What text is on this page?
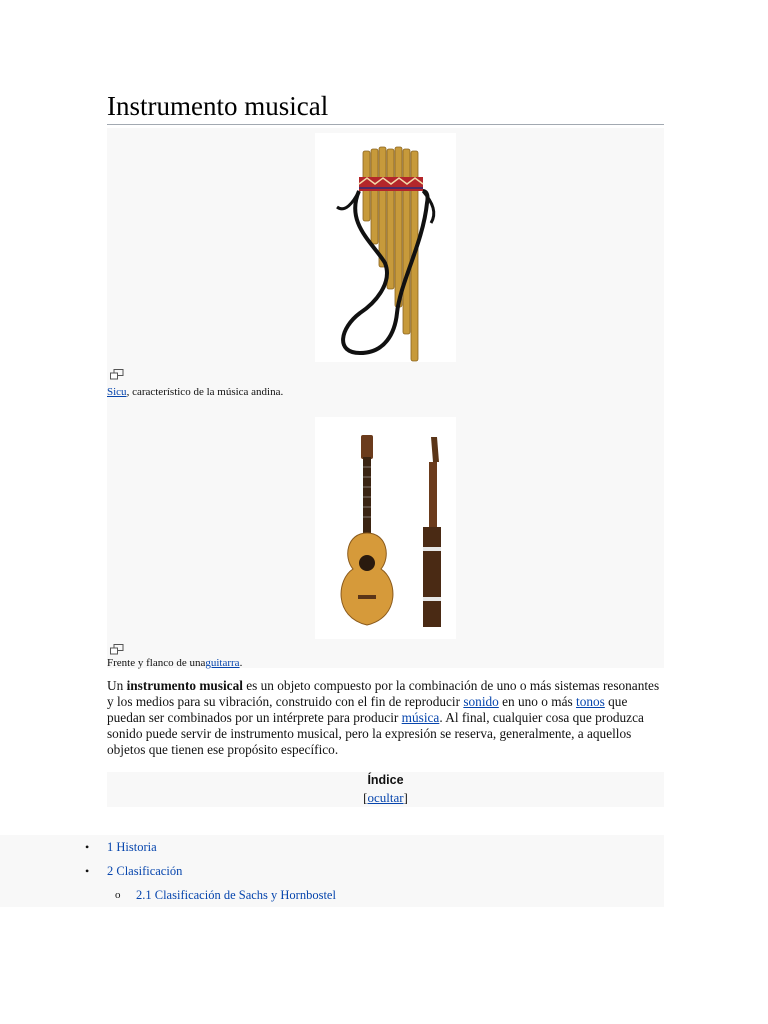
Instrumento musical
Sicu, característico de la música andina.
Frente y flanco de unaguitarra.

Un instrumento musical es un objeto compuesto por la combinación de uno o más sistemas resonantes y los medios para su vibración, construido con el fin de reproducir sonido en uno o más tonos que puedan ser combinados por un intérprete para producir música. Al final, cualquier cosa que produzca sonido puede servir de instrumento musical, pero la expresión se reserva, generalmente, a aquellos objetos que tienen ese propósito específico.

Índice
[ocultar]
• 1 Historia
• 2 Clasificación
o 2.1 Clasificación de Sachs y Hornbostel
